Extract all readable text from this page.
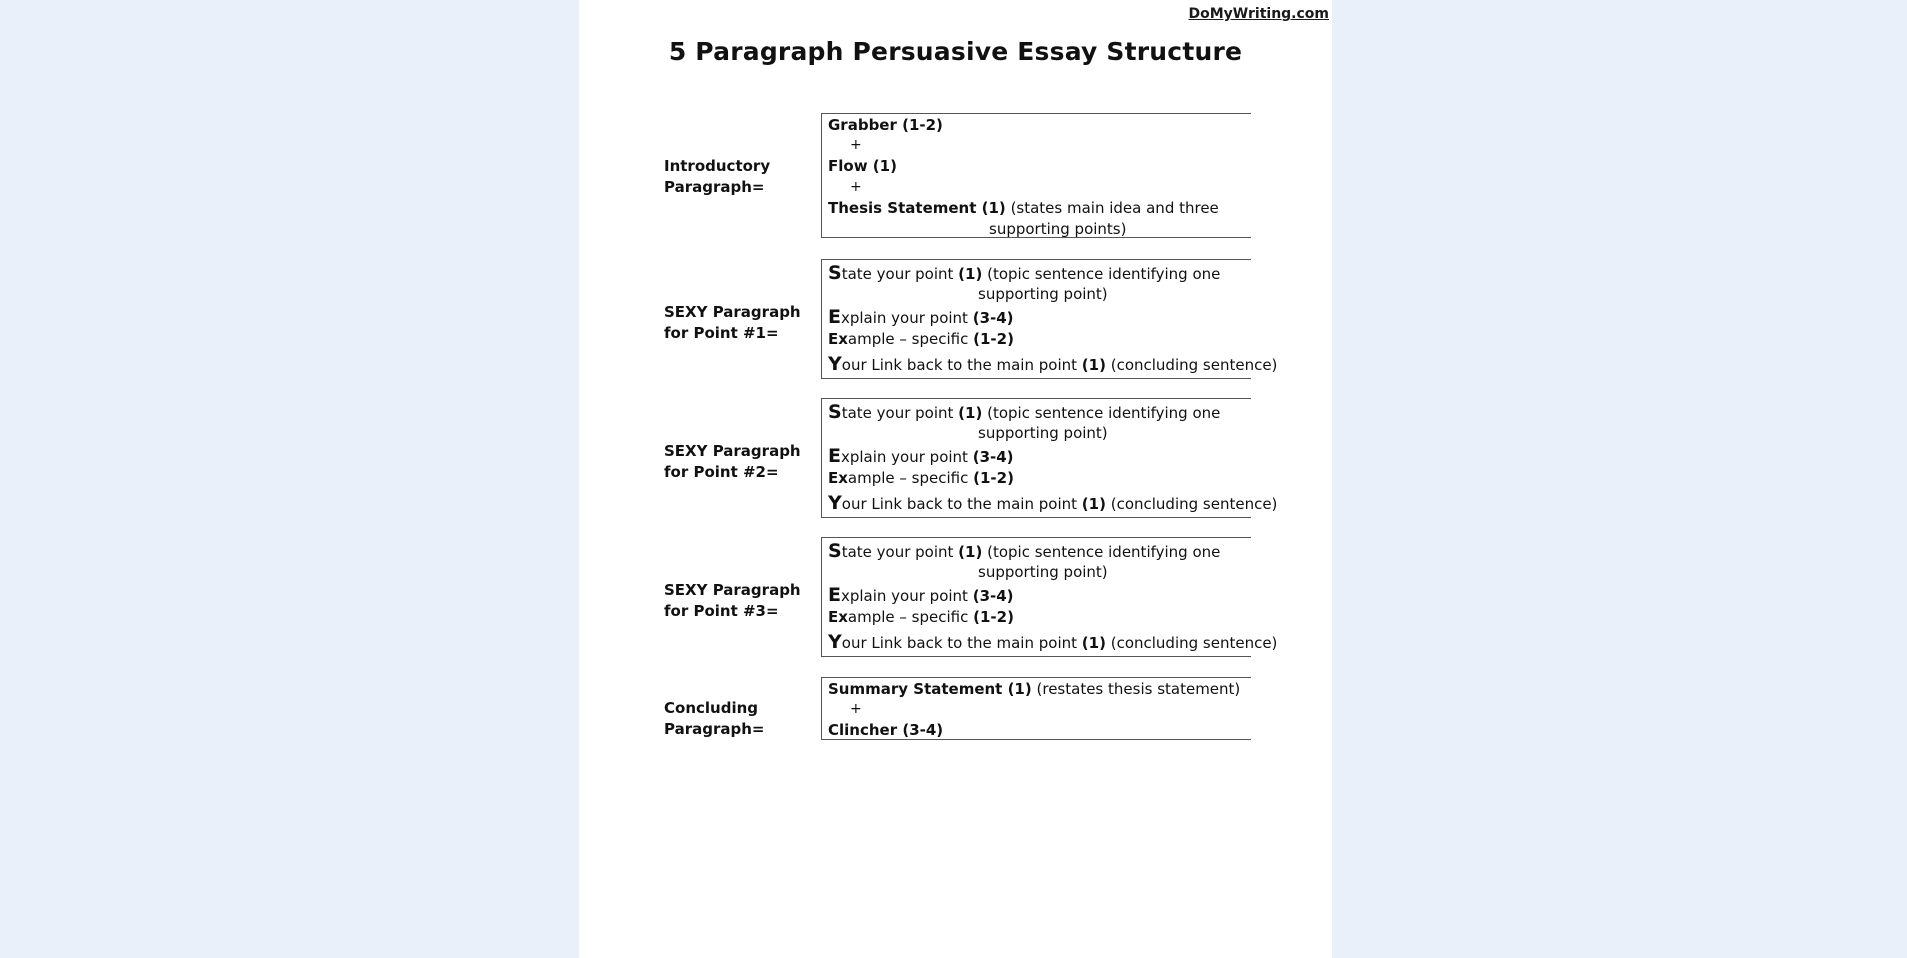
DoMyWriting.com
5 Paragraph Persuasive Essay Structure
Introductory
Paragraph=
Grabber (1-2)
+
Flow (1)
+
Thesis Statement (1) (states main idea and three
supporting points)
SEXY Paragraph
for Point #1=
State your point (1) (topic sentence identifying one
supporting point)
Explain your point (3-4)
Example – specific (1-2)
Your Link back to the main point (1) (concluding sentence)
SEXY Paragraph
for Point #2=
State your point (1) (topic sentence identifying one
supporting point)
Explain your point (3-4)
Example – specific (1-2)
Your Link back to the main point (1) (concluding sentence)
SEXY Paragraph
for Point #3=
State your point (1) (topic sentence identifying one
supporting point)
Explain your point (3-4)
Example – specific (1-2)
Your Link back to the main point (1) (concluding sentence)
Concluding
Paragraph=
Summary Statement (1) (restates thesis statement)
+
Clincher (3-4)
